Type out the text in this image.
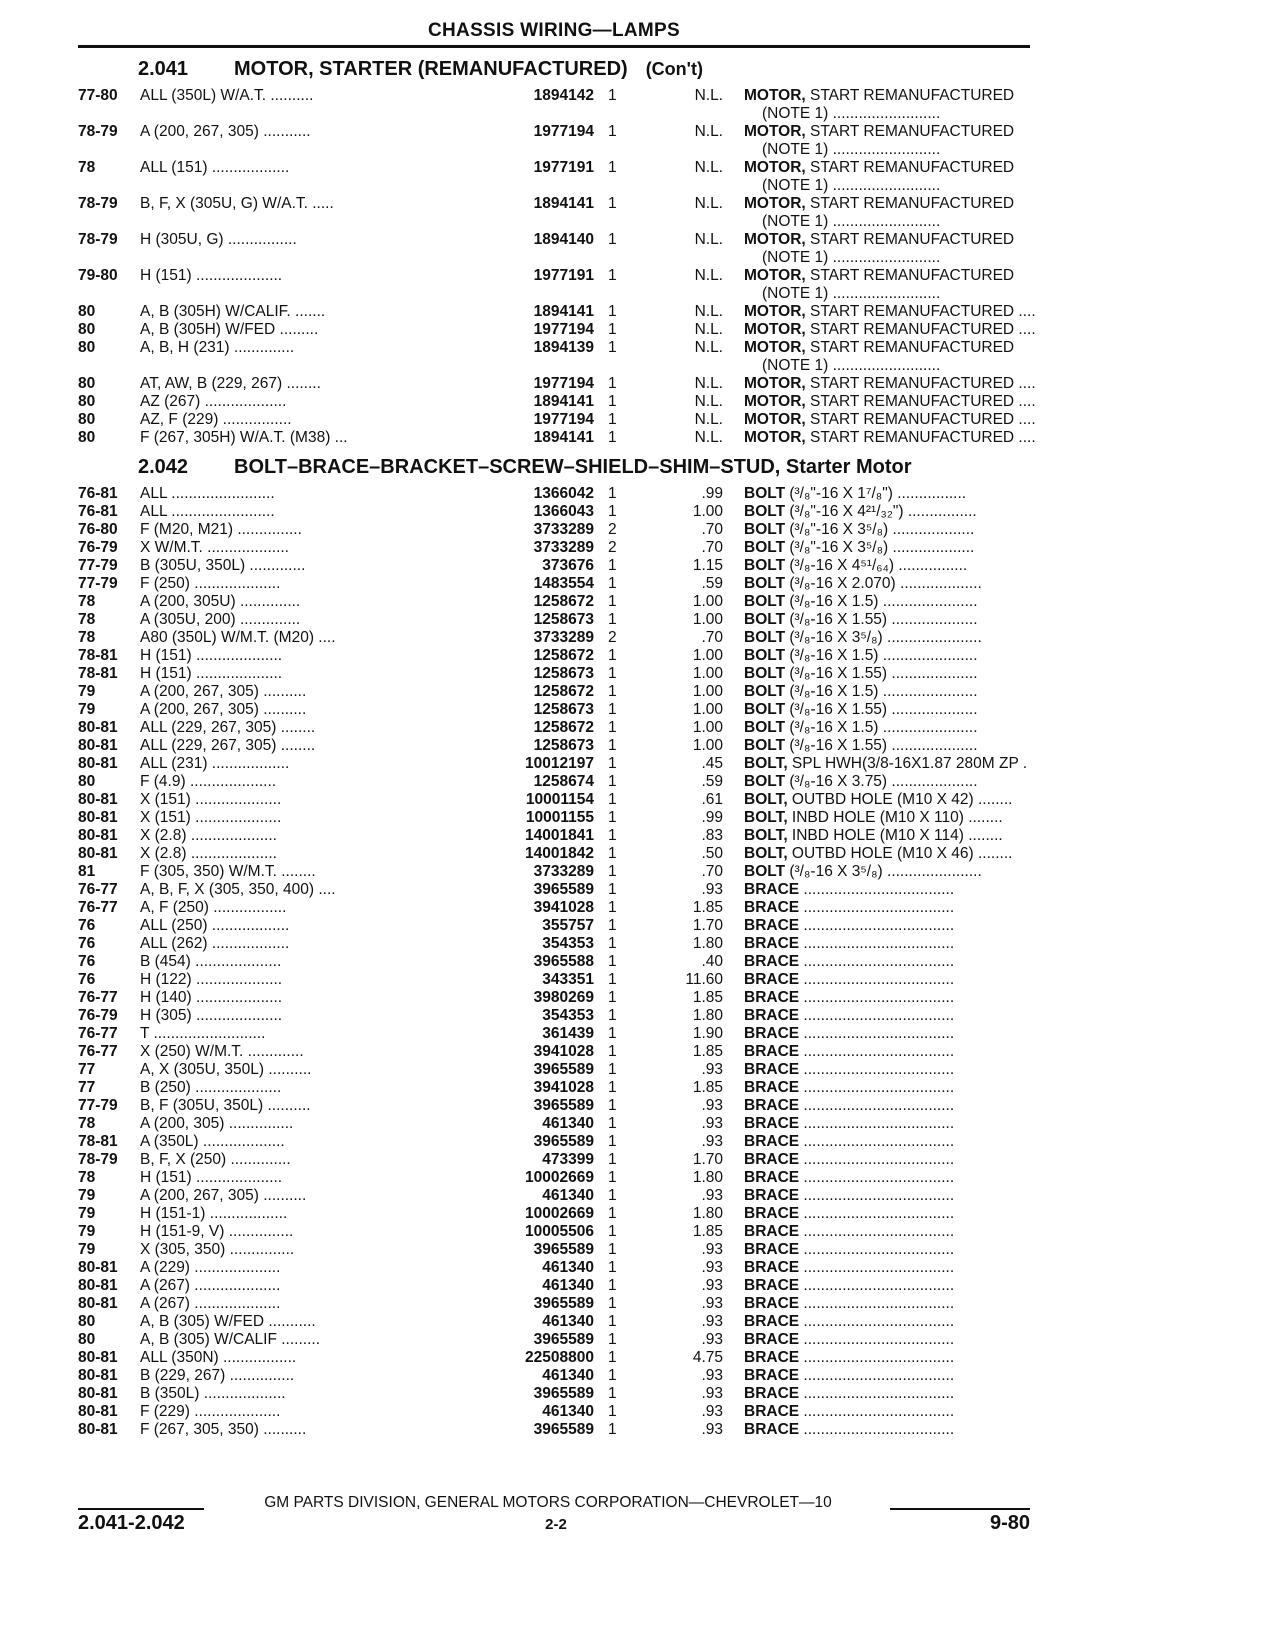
CHASSIS WIRING—LAMPS
2.041 MOTOR, STARTER (REMANUFACTURED) (Con't)
77-80	ALL (350L) W/A.T. ..........	1894142 1	N.L. MOTOR, START REMANUFACTURED
(NOTE 1) .........................
78-79	A (200, 267, 305) ...........	1977194 1	N.L. MOTOR, START REMANUFACTURED
(NOTE 1) .........................
78	ALL (151) ..................	1977191 1	N.L. MOTOR, START REMANUFACTURED
(NOTE 1) .........................
78-79	B, F, X (305U, G) W/A.T. .....	1894141 1	N.L. MOTOR, START REMANUFACTURED
(NOTE 1) .........................
78-79	H (305U, G) ................	1894140 1	N.L. MOTOR, START REMANUFACTURED
(NOTE 1) .........................
79-80	H (151) ....................	1977191 1	N.L. MOTOR, START REMANUFACTURED
(NOTE 1) .........................
80	A, B (305H) W/CALIF. .......	1894141 1	N.L. MOTOR, START REMANUFACTURED ....
80	A, B (305H) W/FED .........	1977194 1	N.L. MOTOR, START REMANUFACTURED ....
80	A, B, H (231) ..............	1894139 1	N.L. MOTOR, START REMANUFACTURED
(NOTE 1) .........................
80	AT, AW, B (229, 267) ........	1977194 1	N.L. MOTOR, START REMANUFACTURED ....
80	AZ (267) ...................	1894141 1	N.L. MOTOR, START REMANUFACTURED ....
80	AZ, F (229) ................	1977194 1	N.L. MOTOR, START REMANUFACTURED ....
80	F (267, 305H) W/A.T. (M38) ...	1894141 1	N.L. MOTOR, START REMANUFACTURED ....
2.042 BOLT–BRACE–BRACKET–SCREW–SHIELD–SHIM–STUD, Starter Motor
76-81	ALL ........................	1366042 1	.99 BOLT (³/₈"-16 X 1⁷/₈") ................
76-81	ALL ........................	1366043 1	1.00 BOLT (³/₈"-16 X 4²¹/₃₂") ................
76-80	F (M20, M21) ...............	3733289 2	.70 BOLT (³/₈"-16 X 3⁵/₈) ...................
76-79	X W/M.T. ...................	3733289 2	.70 BOLT (³/₈"-16 X 3⁵/₈) ...................
77-79	B (305U, 350L) .............	373676 1	1.15 BOLT (³/₈-16 X 4⁵¹/₆₄) ................
77-79	F (250) ....................	1483554 1	.59 BOLT (³/₈-16 X 2.070) ...................
78	A (200, 305U) ..............	1258672 1	1.00 BOLT (³/₈-16 X 1.5) ......................
78	A (305U, 200) ..............	1258673 1	1.00 BOLT (³/₈-16 X 1.55) ....................
78	A80 (350L) W/M.T. (M20) ....	3733289 2	.70 BOLT (³/₈-16 X 3⁵/₈) ......................
78-81	H (151) ....................	1258672 1	1.00 BOLT (³/₈-16 X 1.5) ......................
78-81	H (151) ....................	1258673 1	1.00 BOLT (³/₈-16 X 1.55) ....................
79	A (200, 267, 305) ..........	1258672 1	1.00 BOLT (³/₈-16 X 1.5) ......................
79	A (200, 267, 305) ..........	1258673 1	1.00 BOLT (³/₈-16 X 1.55) ....................
80-81	ALL (229, 267, 305) ........	1258672 1	1.00 BOLT (³/₈-16 X 1.5) ......................
80-81	ALL (229, 267, 305) ........	1258673 1	1.00 BOLT (³/₈-16 X 1.55) ....................
80-81	ALL (231) ..................	10012197 1	.45 BOLT, SPL HWH(3/8-16X1.87 280M ZP .
80	F (4.9) ....................	1258674 1	.59 BOLT (³/₈-16 X 3.75) ....................
80-81	X (151) ....................	10001154 1	.61 BOLT, OUTBD HOLE (M10 X 42) ........
80-81	X (151) ....................	10001155 1	.99 BOLT, INBD HOLE (M10 X 110) ........
80-81	X (2.8) ....................	14001841 1	.83 BOLT, INBD HOLE (M10 X 114) ........
80-81	X (2.8) ....................	14001842 1	.50 BOLT, OUTBD HOLE (M10 X 46) ........
81	F (305, 350) W/M.T. ........	3733289 1	.70 BOLT (³/₈-16 X 3⁵/₈) ......................
76-77	A, B, F, X (305, 350, 400) ....	3965589 1	.93 BRACE ...................................
76-77	A, F (250) .................	3941028 1	1.85 BRACE ...................................
76	ALL (250) ..................	355757 1	1.70 BRACE ...................................
76	ALL (262) ..................	354353 1	1.80 BRACE ...................................
76	B (454) ....................	3965588 1	.40 BRACE ...................................
76	H (122) ....................	343351 1	11.60 BRACE ...................................
76-77	H (140) ....................	3980269 1	1.85 BRACE ...................................
76-79	H (305) ....................	354353 1	1.80 BRACE ...................................
76-77	T ..........................	361439 1	1.90 BRACE ...................................
76-77	X (250) W/M.T. .............	3941028 1	1.85 BRACE ...................................
77	A, X (305U, 350L) ..........	3965589 1	.93 BRACE ...................................
77	B (250) ....................	3941028 1	1.85 BRACE ...................................
77-79	B, F (305U, 350L) ..........	3965589 1	.93 BRACE ...................................
78	A (200, 305) ...............	461340 1	.93 BRACE ...................................
78-81	A (350L) ...................	3965589 1	.93 BRACE ...................................
78-79	B, F, X (250) ..............	473399 1	1.70 BRACE ...................................
78	H (151) ....................	10002669 1	1.80 BRACE ...................................
79	A (200, 267, 305) ..........	461340 1	.93 BRACE ...................................
79	H (151-1) ..................	10002669 1	1.80 BRACE ...................................
79	H (151-9, V) ...............	10005506 1	1.85 BRACE ...................................
79	X (305, 350) ...............	3965589 1	.93 BRACE ...................................
80-81	A (229) ....................	461340 1	.93 BRACE ...................................
80-81	A (267) ....................	461340 1	.93 BRACE ...................................
80-81	A (267) ....................	3965589 1	.93 BRACE ...................................
80	A, B (305) W/FED ...........	461340 1	.93 BRACE ...................................
80	A, B (305) W/CALIF .........	3965589 1	.93 BRACE ...................................
80-81	ALL (350N) .................	22508800 1	4.75 BRACE ...................................
80-81	B (229, 267) ...............	461340 1	.93 BRACE ...................................
80-81	B (350L) ...................	3965589 1	.93 BRACE ...................................
80-81	F (229) ....................	461340 1	.93 BRACE ...................................
80-81	F (267, 305, 350) ..........	3965589 1	.93 BRACE ...................................
GM PARTS DIVISION, GENERAL MOTORS CORPORATION—CHEVROLET—10
2.041-2.042	2-2	9-80
